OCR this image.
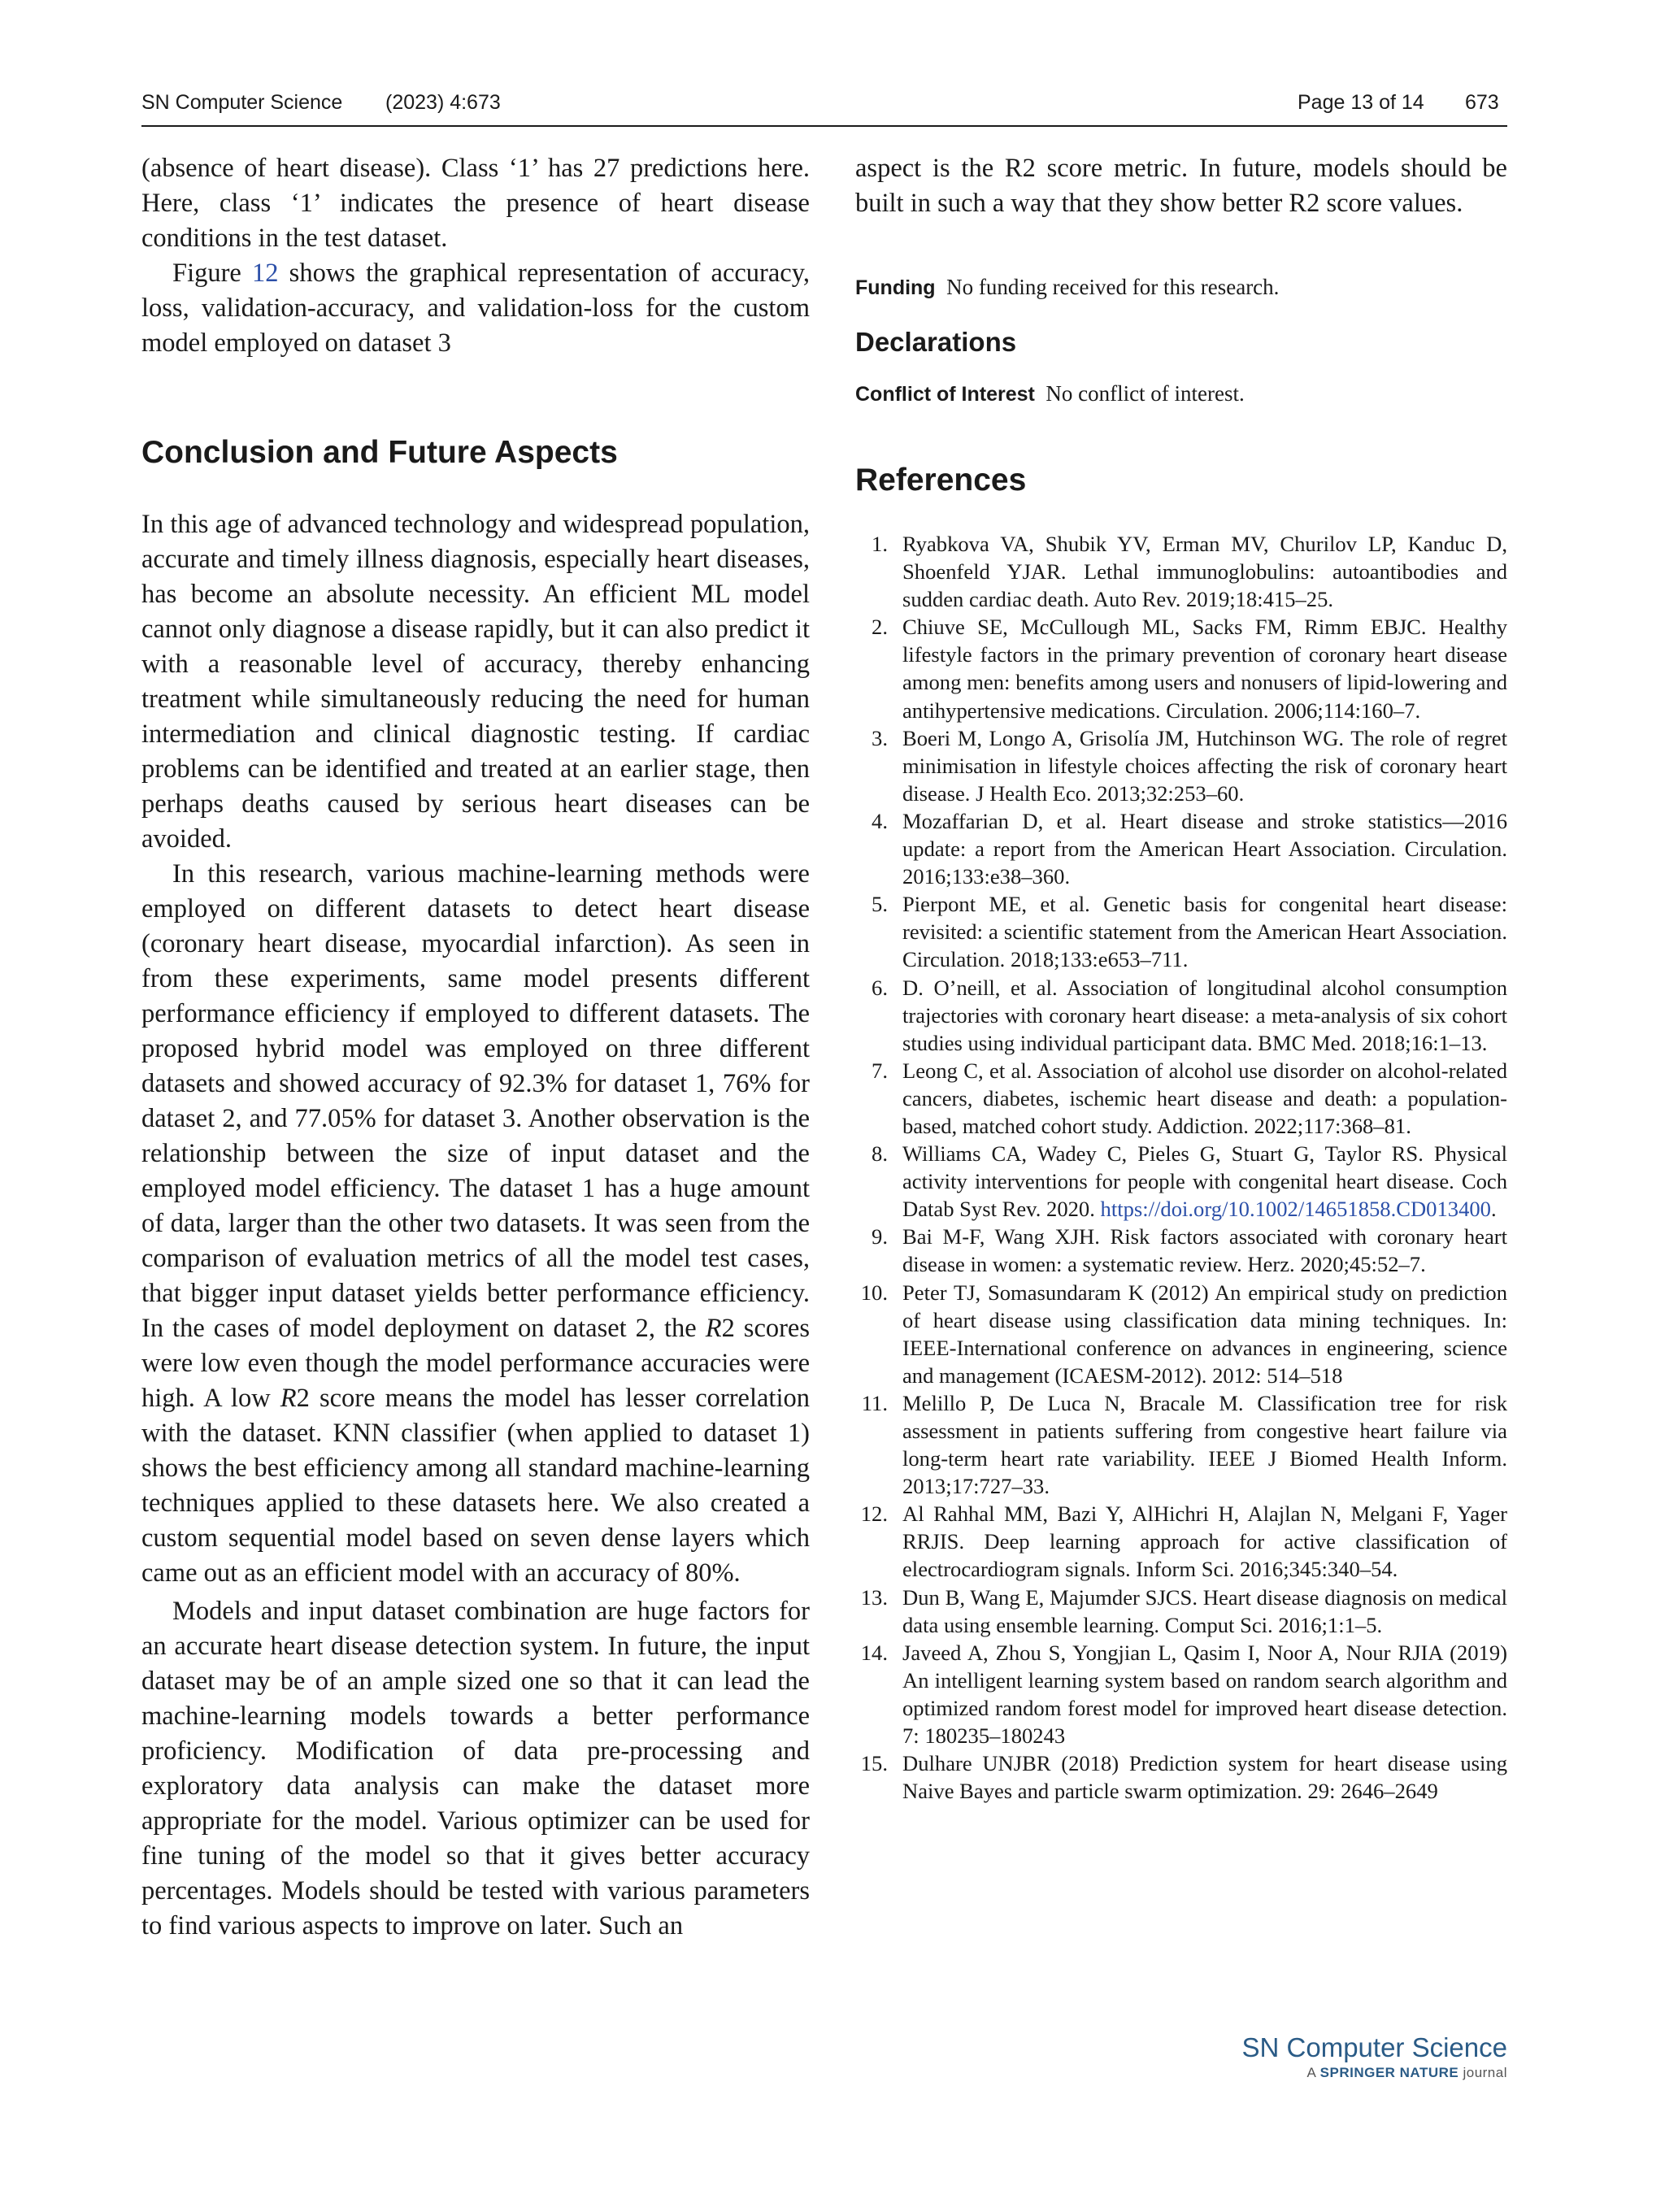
SN Computer Science (2023) 4:673	Page 13 of 14 673

(absence of heart disease). Class ‘1’ has 27 predictions here. Here, class ‘1’ indicates the presence of heart disease conditions in the test dataset.

Figure 12 shows the graphical representation of accuracy, loss, validation-accuracy, and validation-loss for the custom model employed on dataset 3

Conclusion and Future Aspects

In this age of advanced technology and widespread population, accurate and timely illness diagnosis, especially heart diseases, has become an absolute necessity. An efficient ML model cannot only diagnose a disease rapidly, but it can also predict it with a reasonable level of accuracy, thereby enhancing treatment while simultaneously reducing the need for human intermediation and clinical diagnostic testing. If cardiac problems can be identified and treated at an earlier stage, then perhaps deaths caused by serious heart diseases can be avoided.

In this research, various machine-learning methods were employed on different datasets to detect heart disease (coronary heart disease, myocardial infarction). As seen in from these experiments, same model presents different performance efficiency if employed to different datasets. The proposed hybrid model was employed on three different datasets and showed accuracy of 92.3% for dataset 1, 76% for dataset 2, and 77.05% for dataset 3. Another observation is the relationship between the size of input dataset and the employed model efficiency. The dataset 1 has a huge amount of data, larger than the other two datasets. It was seen from the comparison of evaluation metrics of all the model test cases, that bigger input dataset yields better performance efficiency. In the cases of model deployment on dataset 2, the R2 scores were low even though the model performance accuracies were high. A low R2 score means the model has lesser correlation with the dataset. KNN classifier (when applied to dataset 1) shows the best efficiency among all standard machine-learning techniques applied to these datasets here. We also created a custom sequential model based on seven dense layers which came out as an efficient model with an accuracy of 80%.

Models and input dataset combination are huge factors for an accurate heart disease detection system. In future, the input dataset may be of an ample sized one so that it can lead the machine-learning models towards a better performance proficiency. Modification of data pre-processing and exploratory data analysis can make the dataset more appropriate for the model. Various optimizer can be used for fine tuning of the model so that it gives better accuracy percentages. Models should be tested with various parameters to find various aspects to improve on later. Such an

aspect is the R2 score metric. In future, models should be built in such a way that they show better R2 score values.

Funding No funding received for this research.

Declarations

Conflict of Interest No conflict of interest.

References
1. Ryabkova VA, Shubik YV, Erman MV, Churilov LP, Kanduc D, Shoenfeld YJAR. Lethal immunoglobulins: autoantibodies and sudden cardiac death. Auto Rev. 2019;18:415–25.
2. Chiuve SE, McCullough ML, Sacks FM, Rimm EBJC. Healthy lifestyle factors in the primary prevention of coronary heart disease among men: benefits among users and nonusers of lipid-lowering and antihypertensive medications. Circulation. 2006;114:160–7.
3. Boeri M, Longo A, Grisolía JM, Hutchinson WG. The role of regret minimisation in lifestyle choices affecting the risk of coronary heart disease. J Health Eco. 2013;32:253–60.
4. Mozaffarian D, et al. Heart disease and stroke statistics—2016 update: a report from the American Heart Association. Circulation. 2016;133:e38–360.
5. Pierpont ME, et al. Genetic basis for congenital heart disease: revisited: a scientific statement from the American Heart Association. Circulation. 2018;133:e653–711.
6. D. O’neill, et al. Association of longitudinal alcohol consumption trajectories with coronary heart disease: a meta-analysis of six cohort studies using individual participant data. BMC Med. 2018;16:1–13.
7. Leong C, et al. Association of alcohol use disorder on alcohol-related cancers, diabetes, ischemic heart disease and death: a population-based, matched cohort study. Addiction. 2022;117:368–81.
8. Williams CA, Wadey C, Pieles G, Stuart G, Taylor RS. Physical activity interventions for people with congenital heart disease. Coch Datab Syst Rev. 2020. https://doi.org/10.1002/14651858.CD013400.
9. Bai M-F, Wang XJH. Risk factors associated with coronary heart disease in women: a systematic review. Herz. 2020;45:52–7.
10. Peter TJ, Somasundaram K (2012) An empirical study on prediction of heart disease using classification data mining techniques. In: IEEE-International conference on advances in engineering, science and management (ICAESM-2012). 2012: 514–518
11. Melillo P, De Luca N, Bracale M. Classification tree for risk assessment in patients suffering from congestive heart failure via long-term heart rate variability. IEEE J Biomed Health Inform. 2013;17:727–33.
12. Al Rahhal MM, Bazi Y, AlHichri H, Alajlan N, Melgani F, Yager RRJIS. Deep learning approach for active classification of electrocardiogram signals. Inform Sci. 2016;345:340–54.
13. Dun B, Wang E, Majumder SJCS. Heart disease diagnosis on medical data using ensemble learning. Comput Sci. 2016;1:1–5.
14. Javeed A, Zhou S, Yongjian L, Qasim I, Noor A, Nour RJIA (2019) An intelligent learning system based on random search algorithm and optimized random forest model for improved heart disease detection. 7: 180235–180243
15. Dulhare UNJBR (2018) Prediction system for heart disease using Naive Bayes and particle swarm optimization. 29: 2646–2649
SN Computer Science
A SPRINGER NATURE journal
